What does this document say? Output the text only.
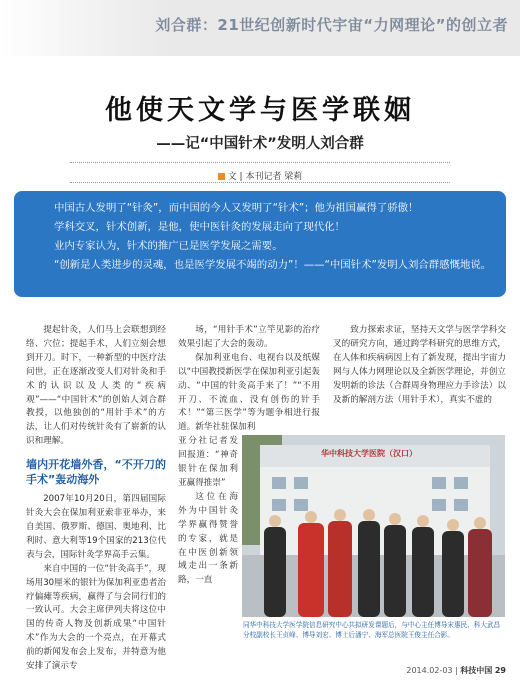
刘合群：21世纪创新时代宇宙“力网理论”的创立者
他使天文学与医学联姻
——记“中国针术”发明人刘合群
文 | 本刊记者 梁莉

中国古人发明了“针灸”，而中国的今人又发明了“针术”；他为祖国赢得了骄傲！

学科交叉，针术创新，是他，使中医针灸的发展走向了现代化！

业内专家认为，针术的推广已是医学发展之需要。

“创新是人类进步的灵魂，也是医学发展不竭的动力”！——“中国针术”发明人刘合群感慨地说。

提起针灸，人们马上会联想到经络、穴位；提起手术，人们立刻会想到开刀。时下，一种新型的中医疗法问世，正在逐渐改变人们对针灸和手术的认识以及人类的“疾病观”——“中国针术”的创始人刘合群教授，以他独创的“用针手术”的方法，让人们对传统针灸有了崭新的认识和理解。

墙内开花墙外香，“不开刀的手术”轰动海外

2007年10月20日，第四届国际针灸大会在保加利亚索非亚举办，来自美国、俄罗斯、德国、奥地利、比利时、意大利等19个国家的213位代表与会，国际针灸学界高手云集。

来自中国的一位“针灸高手”，现场用30厘米的银针为保加利亚患者治疗偏瘫等疾病，赢得了与会同行们的一致认可。大会主席伊列夫将这位中国的传奇人物及创新成果“中国针术”作为大会的一个亮点，在开幕式前的新闻发布会上发布，并特意为他安排了演示专

场，“用针手术”立竿见影的治疗效果引起了大会的轰动。

保加利亚电台、电视台以及纸媒以“中国教授新医学在保加利亚引起轰动、“中国的针灸高手来了！”“不用开刀、不流血、没有创伤的针手术！”“第三医学”等为题争相进行报道。新华社驻保加利

亚分社记者发回报道：“神奇银针在保加利亚赢得推崇”

这位在海外为中国针灸学界赢得赞誉的专家，就是在中医创新领域走出一条新路，一直

致力探索求证，坚持天文学与医学学科交叉的研究方向，通过跨学科研究的思维方式，在人体和疾病病因上有了新发现，提出宇宙力网与人体力网理论以及全新医学理论，并创立发明新的诊法（合群周身物理应力手诊法）以及新的解剖方法（用针手术），真实不虚的

华中科技大学医院（汉口）
同华中科技大学医学院信息研究中心共拟研发课题后，与中心主任博导宋惠民、科大武昌分校副校长王贞峰、博导刘宏、博士后潘宁、海军总医院王俊主任合影。
2014.02-03 | 科技中国 29
